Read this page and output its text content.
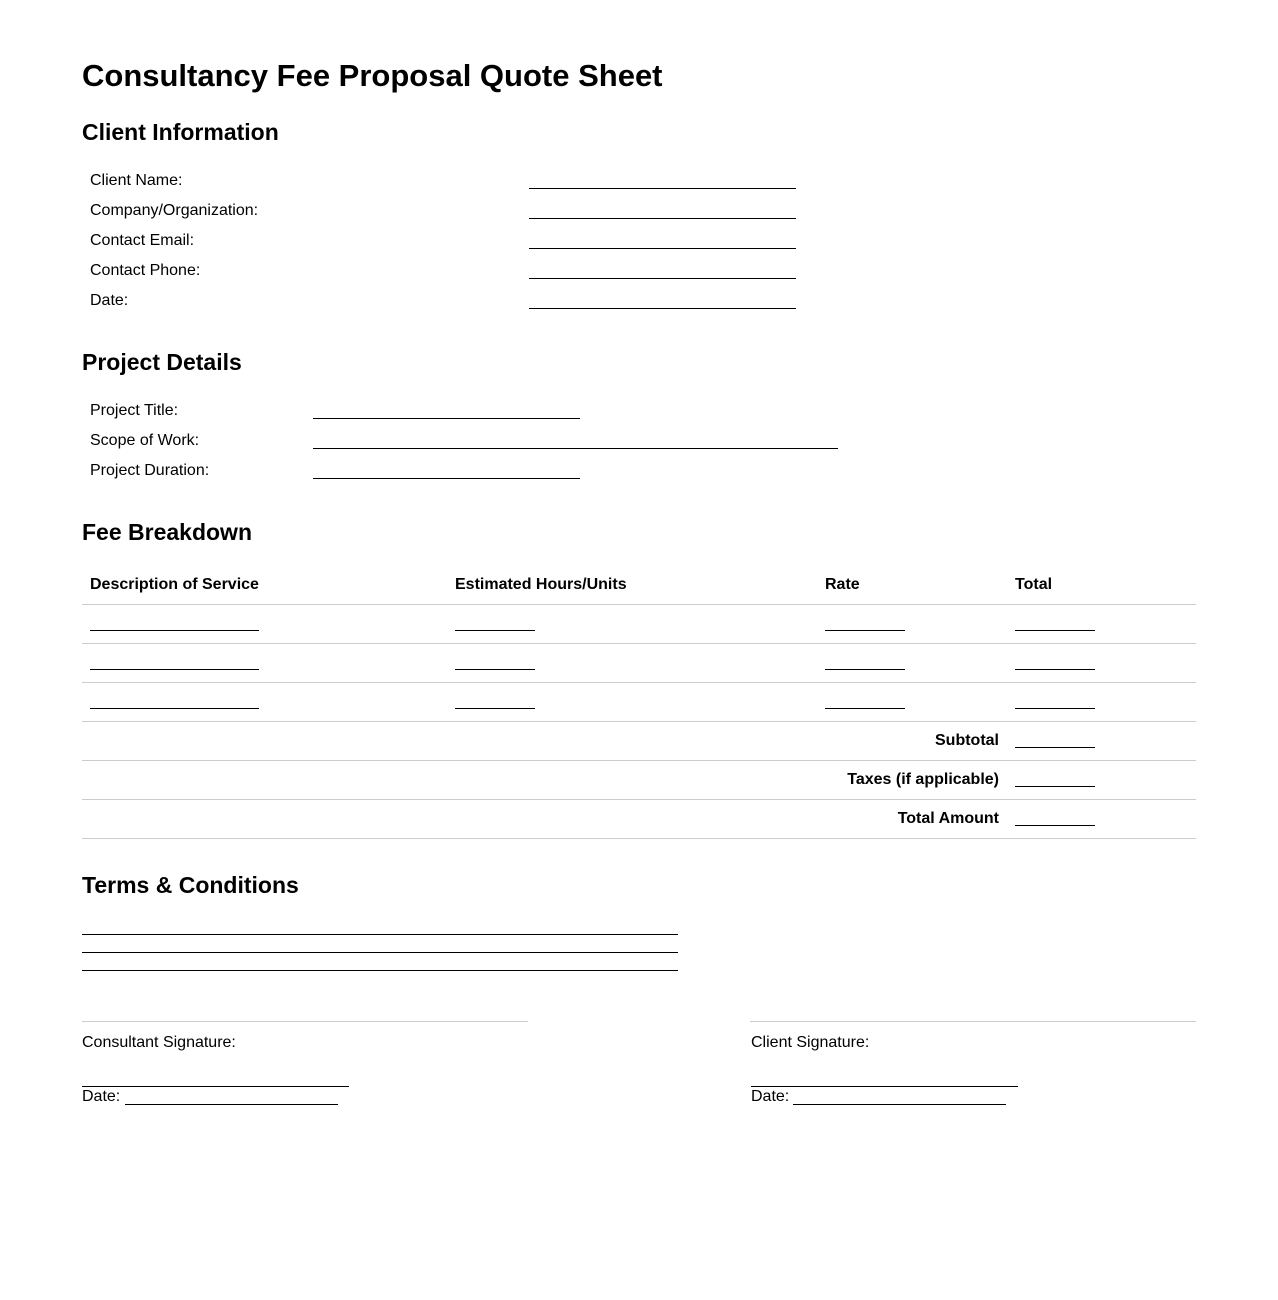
Consultancy Fee Proposal Quote Sheet
Client Information
Client Name:
Company/Organization:
Contact Email:
Contact Phone:
Date:
Project Details
Project Title:
Scope of Work:
Project Duration:
Fee Breakdown
Description of Service	Estimated Hours/Units	Rate	Total
Subtotal
Taxes (if applicable)
Total Amount
Terms & Conditions
Consultant Signature:
Date:
Client Signature:
Date:
